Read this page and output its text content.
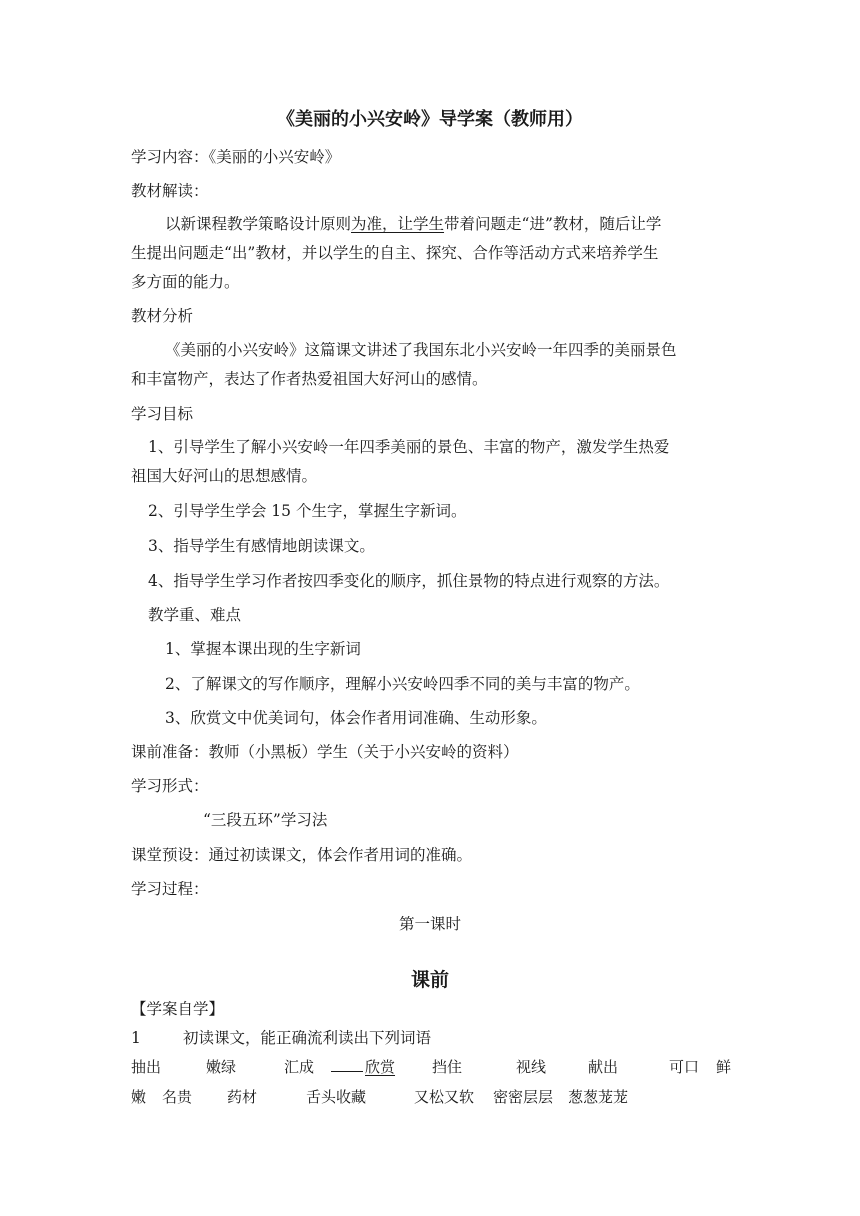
《美丽的小兴安岭》导学案（教师用）
学习内容：《美丽的小兴安岭》
教材解读：
以新课程教学策略设计原则为准，让学生带着问题走“进”教材，随后让学
生提出问题走“出”教材，并以学生的自主、探究、合作等活动方式来培养学生
多方面的能力。
教材分析
《美丽的小兴安岭》这篇课文讲述了我国东北小兴安岭一年四季的美丽景色
和丰富物产，表达了作者热爱祖国大好河山的感情。
学习目标
1、引导学生了解小兴安岭一年四季美丽的景色、丰富的物产，激发学生热爱
祖国大好河山的思想感情。
2、引导学生学会 15 个生字，掌握生字新词。
3、指导学生有感情地朗读课文。
4、指导学生学习作者按四季变化的顺序，抓住景物的特点进行观察的方法。
教学重、难点
1、掌握本课出现的生字新词
2、了解课文的写作顺序，理解小兴安岭四季不同的美与丰富的物产。
3、欣赏文中优美词句，体会作者用词准确、生动形象。
课前准备：教师（小黑板）学生（关于小兴安岭的资料）
学习形式：
“三段五环”学习法
课堂预设：通过初读课文，体会作者用词的准确。
学习过程：
第一课时
课前
【学案自学】
1	初读课文，能正确流利读出下列词语
抽出	嫩绿	汇成	欣赏 挡住	视线	献出	可口 鲜
嫩 名贵 药材	舌头收藏	又松又软 密密层层 葱葱茏茏
